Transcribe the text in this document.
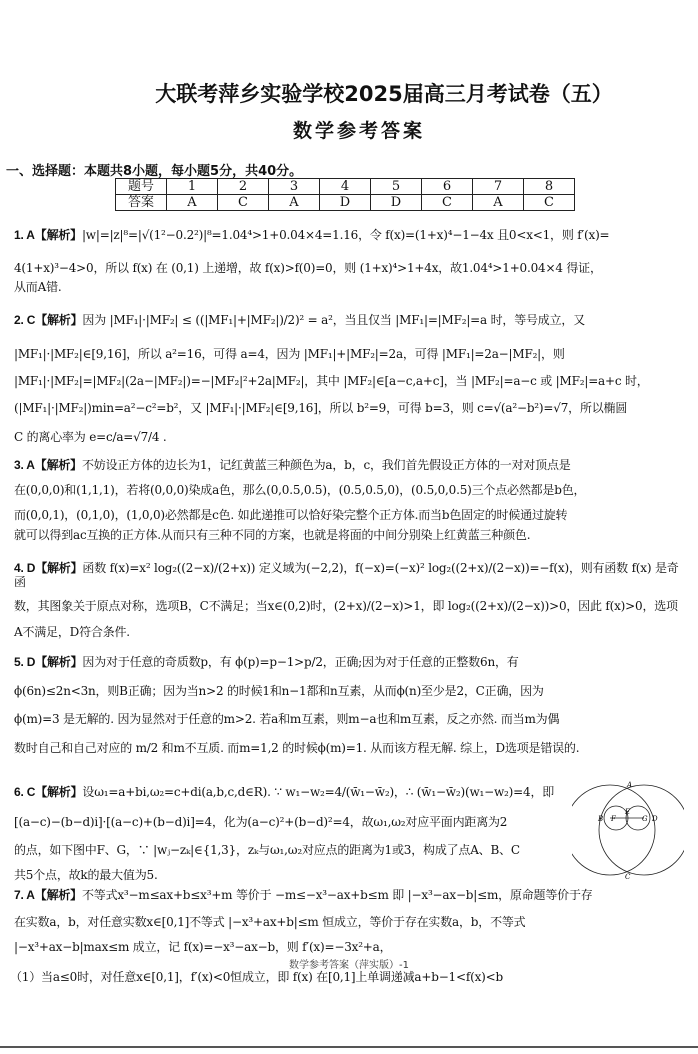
大联考萍乡实验学校2025届高三月考试卷（五）
数学参考答案
一、选择题：本题共8小题，每小题5分，共40分。
题号	1	2	3	4	5	6	7	8
答案	A	C	A	D	D	C	A	C
1. A【解析】|w|=|z|⁸=|√(1²−0.2²)|⁸=1.04⁴>1+0.04×4=1.16，令 f(x)=(1+x)⁴−1−4x 且0<x<1，则 f′(x)=
4(1+x)³−4>0，所以 f(x) 在 (0,1) 上递增，故 f(x)>f(0)=0，则 (1+x)⁴>1+4x，故1.04⁴>1+0.04×4 得证，
从而A错.
2. C【解析】因为 |MF₁|·|MF₂| ≤ ((|MF₁|+|MF₂|)/2)² = a²，当且仅当 |MF₁|=|MF₂|=a 时，等号成立，又
|MF₁|·|MF₂|∈[9,16]，所以 a²=16，可得 a=4，因为 |MF₁|+|MF₂|=2a，可得 |MF₁|=2a−|MF₂|，则
|MF₁|·|MF₂|=|MF₂|(2a−|MF₂|)=−|MF₂|²+2a|MF₂|，其中 |MF₂|∈[a−c,a+c]，当 |MF₂|=a−c 或 |MF₂|=a+c 时，
(|MF₁|·|MF₂|)min=a²−c²=b²，又 |MF₁|·|MF₂|∈[9,16]，所以 b²=9，可得 b=3，则 c=√(a²−b²)=√7，所以椭圆
C 的离心率为 e=c/a=√7/4 .
3. A【解析】不妨设正方体的边长为1，记红黄蓝三种颜色为a，b，c，我们首先假设正方体的一对对顶点是
在(0,0,0)和(1,1,1)，若将(0,0,0)染成a色，那么(0,0.5,0.5)，(0.5,0.5,0)，(0.5,0,0.5)三个点必然都是b色，
而(0,0,1)，(0,1,0)，(1,0,0)必然都是c色. 如此递推可以恰好染完整个正方体.而当b色固定的时候通过旋转
就可以得到ac互换的正方体.从而只有三种不同的方案，也就是将面的中间分别染上红黄蓝三种颜色.
4. D【解析】函数 f(x)=x² log₂((2−x)/(2+x)) 定义域为(−2,2)，f(−x)=(−x)² log₂((2+x)/(2−x))=−f(x)，则有函数 f(x) 是奇函
数，其图象关于原点对称，选项B，C不满足；当x∈(0,2)时，(2+x)/(2−x)>1，即 log₂((2+x)/(2−x))>0，因此 f(x)>0，选项
A不满足，D符合条件.
5. D【解析】因为对于任意的奇质数p，有 ϕ(p)=p−1>p/2，正确;因为对于任意的正整数6n，有
ϕ(6n)≤2n<3n，则B正确；因为当n>2 的时候1和n−1都和n互素，从而ϕ(n)至少是2，C正确，因为
ϕ(m)=3 是无解的. 因为显然对于任意的m>2. 若a和m互素，则m−a也和m互素，反之亦然. 而当m为偶
数时自己和自己对应的 m/2 和m不互质. 而m=1,2 的时候ϕ(m)=1. 从而该方程无解. 综上，D选项是错误的.
6. C【解析】设ω₁=a+bi,ω₂=c+di(a,b,c,d∈R). ∵ w₁−w₂=4/(w̄₁−w̄₂)，∴ (w̄₁−w̄₂)(w₁−w₂)=4，即
[(a−c)−(b−d)i]·[(a−c)+(b−d)i]=4，化为(a−c)²+(b−d)²=4，故ω₁,ω₂对应平面内距离为2
的点，如下图中F、G，∵ |wⱼ−zₖ|∈{1,3}，zₖ与ω₁,ω₂对应点的距离为1或3，构成了点A、B、C
共5个点，故k的最大值为5.
A
B
C
D
E
F	G
7. A【解析】不等式x³−m≤ax+b≤x³+m 等价于 −m≤−x³−ax+b≤m 即 |−x³−ax−b|≤m，原命题等价于存
在实数a，b，对任意实数x∈[0,1]不等式 |−x³+ax+b|≤m 恒成立，等价于存在实数a，b，不等式
|−x³+ax−b|max≤m 成立，记 f(x)=−x³−ax−b，则 f′(x)=−3x²+a，
数学参考答案（萍实版）-1
（1）当a≤0时，对任意x∈[0,1]，f′(x)<0恒成立，即 f(x) 在[0,1]上单调递减a+b−1<f(x)<b
